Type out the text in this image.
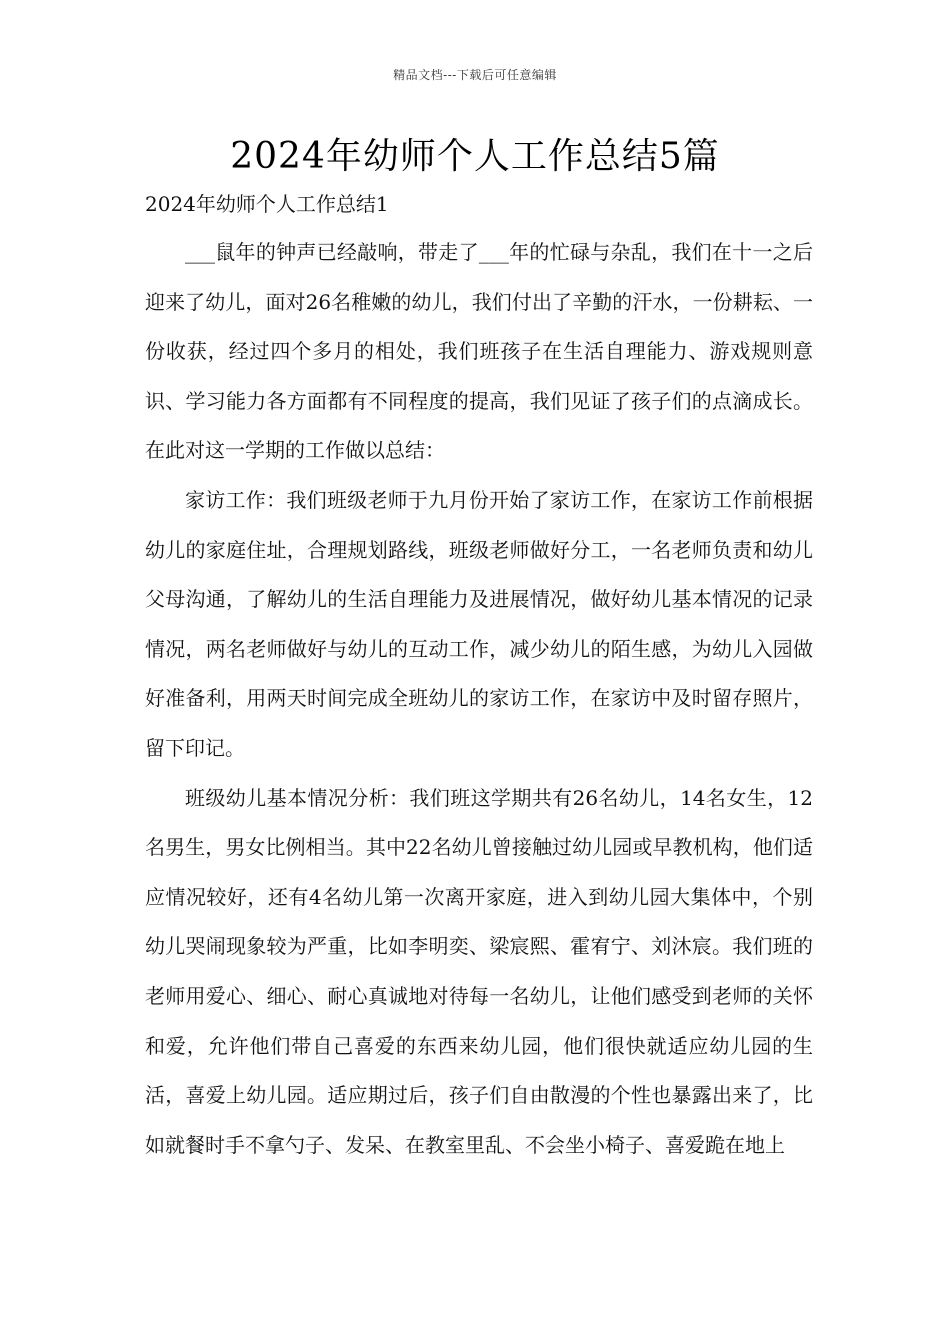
精品文档---下载后可任意编辑
2024年幼师个人工作总结5篇

2024年幼师个人工作总结1

___鼠年的钟声已经敲响，带走了___年的忙碌与杂乱，我们在十一之后迎来了幼儿，面对26名稚嫩的幼儿，我们付出了辛勤的汗水，一份耕耘、一份收获，经过四个多月的相处，我们班孩子在生活自理能力、游戏规则意识、学习能力各方面都有不同程度的提高，我们见证了孩子们的点滴成长。在此对这一学期的工作做以总结：

家访工作：我们班级老师于九月份开始了家访工作，在家访工作前根据幼儿的家庭住址，合理规划路线，班级老师做好分工，一名老师负责和幼儿父母沟通，了解幼儿的生活自理能力及进展情况，做好幼儿基本情况的记录情况，两名老师做好与幼儿的互动工作，减少幼儿的陌生感，为幼儿入园做好准备利，用两天时间完成全班幼儿的家访工作，在家访中及时留存照片，留下印记。

班级幼儿基本情况分析：我们班这学期共有26名幼儿，14名女生，12名男生，男女比例相当。其中22名幼儿曾接触过幼儿园或早教机构，他们适应情况较好，还有4名幼儿第一次离开家庭，进入到幼儿园大集体中，个别幼儿哭闹现象较为严重，比如李明奕、梁宸熙、霍宥宁、刘沐宸。我们班的老师用爱心、细心、耐心真诚地对待每一名幼儿，让他们感受到老师的关怀和爱，允许他们带自己喜爱的东西来幼儿园，他们很快就适应幼儿园的生活，喜爱上幼儿园。适应期过后，孩子们自由散漫的个性也暴露出来了，比如就餐时手不拿勺子、发呆、在教室里乱、不会坐小椅子、喜爱跪在地上
